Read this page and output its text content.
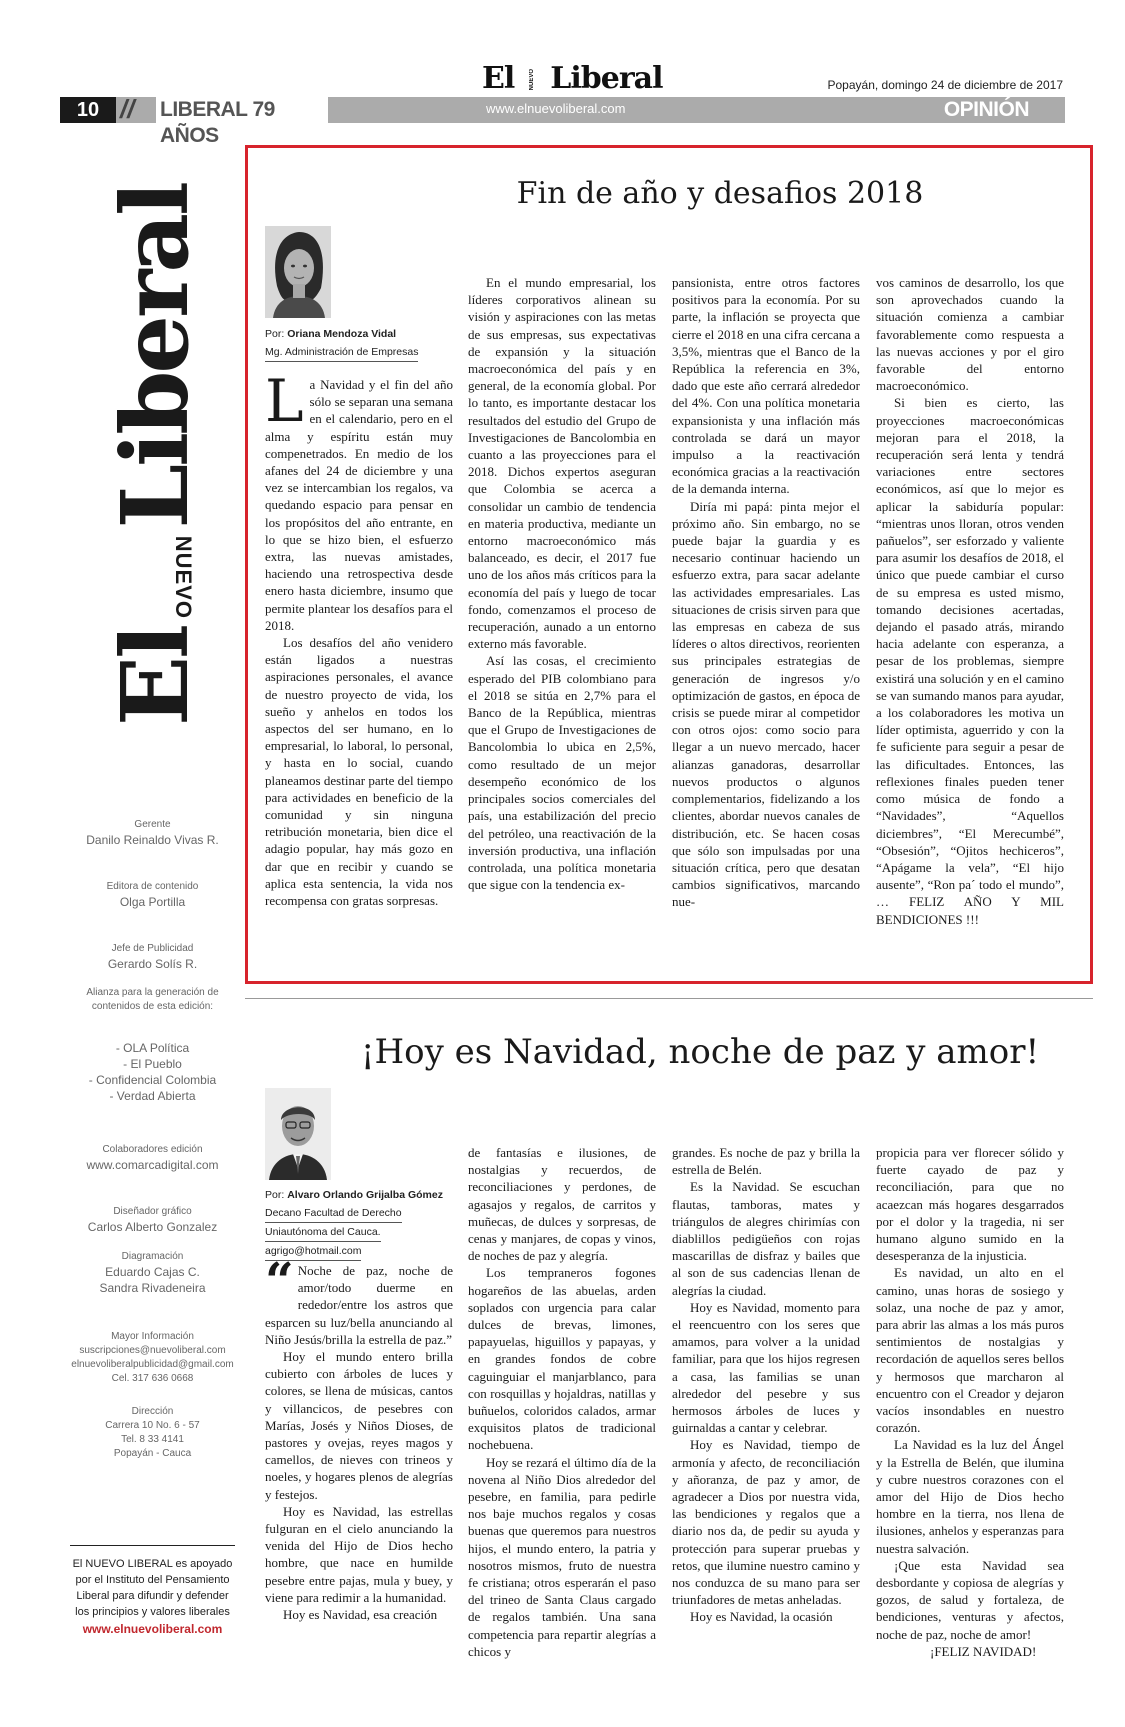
El	NUEVO Liberal	Popayán, domingo 24 de diciembre de 2017
10 // LIBERAL 79 AÑOS
www.elnuevoliberal.com	OPINIÓN
El NUEVO Liberal
Gerente
Danilo Reinaldo Vivas R.
Editora de contenido
Olga Portilla
Jefe de Publicidad
Gerardo Solís R.
Alianza para la generación de
contenidos de esta edición:
- OLA Política
- El Pueblo
- Confidencial Colombia
- Verdad Abierta
Colaboradores edición
www.comarcadigital.com
Diseñador gráfico
Carlos Alberto Gonzalez
Diagramación
Eduardo Cajas C.
Sandra Rivadeneira
Mayor Información
suscripciones@nuevoliberal.com
elnuevoliberalpublicidad@gmail.com
Cel. 317 636 0668
Dirección
Carrera 10 No. 6 - 57
Tel. 8 33 4141
Popayán - Cauca
El NUEVO LIBERAL es apoyado por el Instituto del Pensamiento Liberal para difundir y defender los principios y valores liberales
www.elnuevoliberal.com
Fin de año y desafios 2018
Por: Oriana Mendoza Vidal
Mg. Administración de Empresas

La Navidad y el fin del año sólo se separan una semana en el calendario, pero en el alma y espíritu están muy compenetrados. En medio de los afanes del 24 de diciembre y una vez se intercambian los regalos, va quedando espacio para pensar en los propósitos del año entrante, en lo que se hizo bien, el esfuerzo extra, las nuevas amistades, haciendo una retrospectiva desde enero hasta diciembre, insumo que permite plantear los desafíos para el 2018.

Los desafíos del año venidero están ligados a nuestras aspiraciones personales, el avance de nuestro proyecto de vida, los sueño y anhelos en todos los aspectos del ser humano, en lo empresarial, lo laboral, lo personal, y hasta en lo social, cuando planeamos destinar parte del tiempo para actividades en beneficio de la comunidad y sin ninguna retribución monetaria, bien dice el adagio popular, hay más gozo en dar que en recibir y cuando se aplica esta sentencia, la vida nos recompensa con gratas sorpresas.

En el mundo empresarial, los líderes corporativos alinean su visión y aspiraciones con las metas de sus empresas, sus expectativas de expansión y la situación macroeconómica del país y en general, de la economía global. Por lo tanto, es importante destacar los resultados del estudio del Grupo de Investigaciones de Bancolombia en cuanto a las proyecciones para el 2018. Dichos expertos aseguran que Colombia se acerca a consolidar un cambio de tendencia en materia productiva, mediante un entorno macroeconómico más balanceado, es decir, el 2017 fue uno de los años más críticos para la economía del país y luego de tocar fondo, comenzamos el proceso de recuperación, aunado a un entorno externo más favorable.

Así las cosas, el crecimiento esperado del PIB colombiano para el 2018 se sitúa en 2,7% para el Banco de la República, mientras que el Grupo de Investigaciones de Bancolombia lo ubica en 2,5%, como resultado de un mejor desempeño económico de los principales socios comerciales del país, una estabilización del precio del petróleo, una reactivación de la inversión productiva, una inflación controlada, una política monetaria que sigue con la tendencia ex-

pansionista, entre otros factores positivos para la economía. Por su parte, la inflación se proyecta que cierre el 2018 en una cifra cercana a 3,5%, mientras que el Banco de la República la referencia en 3%, dado que este año cerrará alrededor del 4%. Con una política monetaria expansionista y una inflación más controlada se dará un mayor impulso a la reactivación económica gracias a la reactivación de la demanda interna.

Diría mi papá: pinta mejor el próximo año. Sin embargo, no se puede bajar la guardia y es necesario continuar haciendo un esfuerzo extra, para sacar adelante las actividades empresariales. Las situaciones de crisis sirven para que las empresas en cabeza de sus líderes o altos directivos, reorienten sus principales estrategias de generación de ingresos y/o optimización de gastos, en época de crisis se puede mirar al competidor con otros ojos: como socio para llegar a un nuevo mercado, hacer alianzas ganadoras, desarrollar nuevos productos o algunos complementarios, fidelizando a los clientes, abordar nuevos canales de distribución, etc. Se hacen cosas que sólo son impulsadas por una situación crítica, pero que desatan cambios significativos, marcando nue-

vos caminos de desarrollo, los que son aprovechados cuando la situación comienza a cambiar favorablemente como respuesta a las nuevas acciones y por el giro favorable del entorno macroeconómico.

Si bien es cierto, las proyecciones macroeconómicas mejoran para el 2018, la recuperación será lenta y tendrá variaciones entre sectores económicos, así que lo mejor es aplicar la sabiduría popular: “mientras unos lloran, otros venden pañuelos”, ser esforzado y valiente para asumir los desafíos de 2018, el único que puede cambiar el curso de su empresa es usted mismo, tomando decisiones acertadas, dejando el pasado atrás, mirando hacia adelante con esperanza, a pesar de los problemas, siempre existirá una solución y en el camino se van sumando manos para ayudar, a los colaboradores les motiva un líder optimista, aguerrido y con la fe suficiente para seguir a pesar de las dificultades. Entonces, las reflexiones finales pueden tener como música de fondo a “Navidades”, “Aquellos diciembres”, “El Merecumbé”, “Obsesión”, “Ojitos hechiceros”, “Apágame la vela”, “El hijo ausente”, “Ron pa´ todo el mundo”, … FELIZ AÑO Y MIL BENDICIONES !!!

¡Hoy es Navidad, noche de paz y amor!
Por: Alvaro Orlando Grijalba Gómez
Decano Facultad de Derecho
Uniautónoma del Cauca.
agrigo@hotmail.com

“ Noche de paz, noche de amor/todo duerme en rededor/entre los astros que esparcen su luz/bella anunciando al Niño Jesús/brilla la estrella de paz.”

Hoy el mundo entero brilla cubierto con árboles de luces y colores, se llena de músicas, cantos y villancicos, de pesebres con Marías, Josés y Niños Dioses, de pastores y ovejas, reyes magos y camellos, de nieves con trineos y noeles, y hogares plenos de alegrías y festejos.

Hoy es Navidad, las estrellas fulguran en el cielo anunciando la venida del Hijo de Dios hecho hombre, que nace en humilde pesebre entre pajas, mula y buey, y viene para redimir a la humanidad.

Hoy es Navidad, esa creación

de fantasías e ilusiones, de nostalgias y recuerdos, de reconciliaciones y perdones, de agasajos y regalos, de carritos y muñecas, de dulces y sorpresas, de cenas y manjares, de copas y vinos, de noches de paz y alegría.

Los tempraneros fogones hogareños de las abuelas, arden soplados con urgencia para calar dulces de brevas, limones, papayuelas, higuillos y papayas, y en grandes fondos de cobre caguinguiar el manjarblanco, para con rosquillas y hojaldras, natillas y buñuelos, coloridos calados, armar exquisitos platos de tradicional nochebuena.

Hoy se rezará el último día de la novena al Niño Dios alrededor del pesebre, en familia, para pedirle nos baje muchos regalos y cosas buenas que queremos para nuestros hijos, el mundo entero, la patria y nosotros mismos, fruto de nuestra fe cristiana; otros esperarán el paso del trineo de Santa Claus cargado de regalos también. Una sana competencia para repartir alegrías a chicos y

grandes. Es noche de paz y brilla la estrella de Belén.

Es la Navidad. Se escuchan flautas, tamboras, mates y triángulos de alegres chirimías con diablillos pedigüeños con rojas mascarillas de disfraz y bailes que al son de sus cadencias llenan de alegrías la ciudad.

Hoy es Navidad, momento para el reencuentro con los seres que amamos, para volver a la unidad familiar, para que los hijos regresen a casa, las familias se unan alrededor del pesebre y sus hermosos árboles de luces y guirnaldas a cantar y celebrar.

Hoy es Navidad, tiempo de armonía y afecto, de reconciliación y añoranza, de paz y amor, de agradecer a Dios por nuestra vida, las bendiciones y regalos que a diario nos da, de pedir su ayuda y protección para superar pruebas y retos, que ilumine nuestro camino y nos conduzca de su mano para ser triunfadores de metas anheladas.

Hoy es Navidad, la ocasión

propicia para ver florecer sólido y fuerte cayado de paz y reconciliación, para que no acaezcan más hogares desgarrados por el dolor y la tragedia, ni ser humano alguno sumido en la desesperanza de la injusticia.

Es navidad, un alto en el camino, unas horas de sosiego y solaz, una noche de paz y amor, para abrir las almas a los más puros sentimientos de nostalgias y recordación de aquellos seres bellos y hermosos que marcharon al encuentro con el Creador y dejaron vacíos insondables en nuestro corazón.

La Navidad es la luz del Ángel y la Estrella de Belén, que ilumina y cubre nuestros corazones con el amor del Hijo de Dios hecho hombre en la tierra, nos llena de ilusiones, anhelos y esperanzas para nuestra salvación.

¡Que esta Navidad sea desbordante y copiosa de alegrías y gozos, de salud y fortaleza, de bendiciones, venturas y afectos, noche de paz, noche de amor!

¡FELIZ NAVIDAD!
